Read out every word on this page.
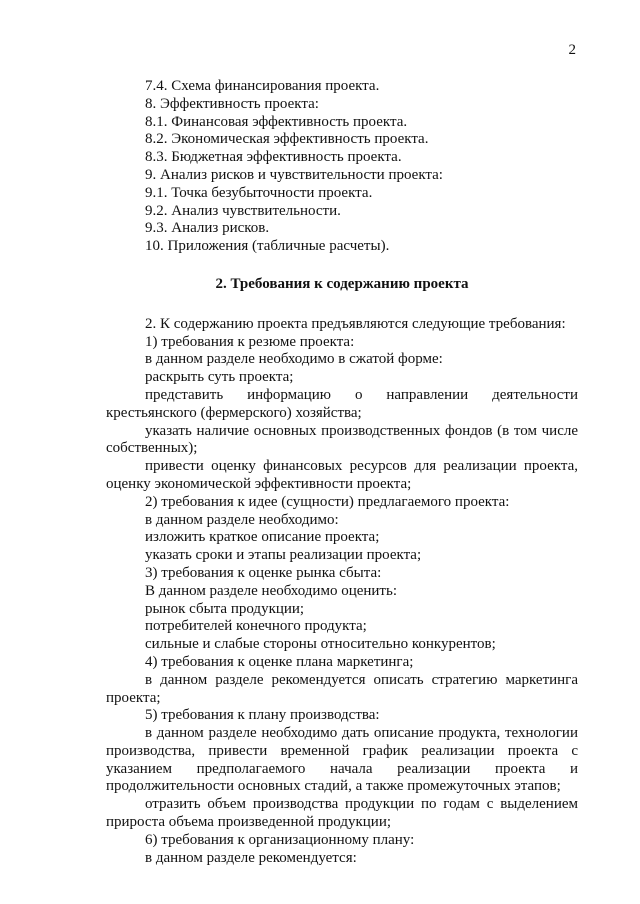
2
7.4. Схема финансирования проекта.
8. Эффективность проекта:
8.1. Финансовая эффективность проекта.
8.2. Экономическая эффективность проекта.
8.3. Бюджетная эффективность проекта.
9. Анализ рисков и чувствительности проекта:
9.1. Точка безубыточности проекта.
9.2. Анализ чувствительности.
9.3. Анализ рисков.
10. Приложения (табличные расчеты).
2. Требования к содержанию проекта
2. К содержанию проекта предъявляются следующие требования:
1) требования к резюме проекта:
в данном разделе необходимо в сжатой форме:
раскрыть суть проекта;
представить информацию о направлении деятельности крестьянского (фермерского) хозяйства;
указать наличие основных производственных фондов (в том числе собственных);
привести оценку финансовых ресурсов для реализации проекта, оценку экономической эффективности проекта;
2) требования к идее (сущности) предлагаемого проекта:
в данном разделе необходимо:
изложить краткое описание проекта;
указать сроки и этапы реализации проекта;
3) требования к оценке рынка сбыта:
В данном разделе необходимо оценить:
рынок сбыта продукции;
потребителей конечного продукта;
сильные и слабые стороны относительно конкурентов;
4) требования к оценке плана маркетинга;
в данном разделе рекомендуется описать стратегию маркетинга проекта;
5) требования к плану производства:
в данном разделе необходимо дать описание продукта, технологии производства, привести временной график реализации проекта с указанием предполагаемого начала реализации проекта и продолжительности основных стадий, а также промежуточных этапов;
отразить объем производства продукции по годам с выделением прироста объема произведенной продукции;
6) требования к организационному плану:
в данном разделе рекомендуется:
